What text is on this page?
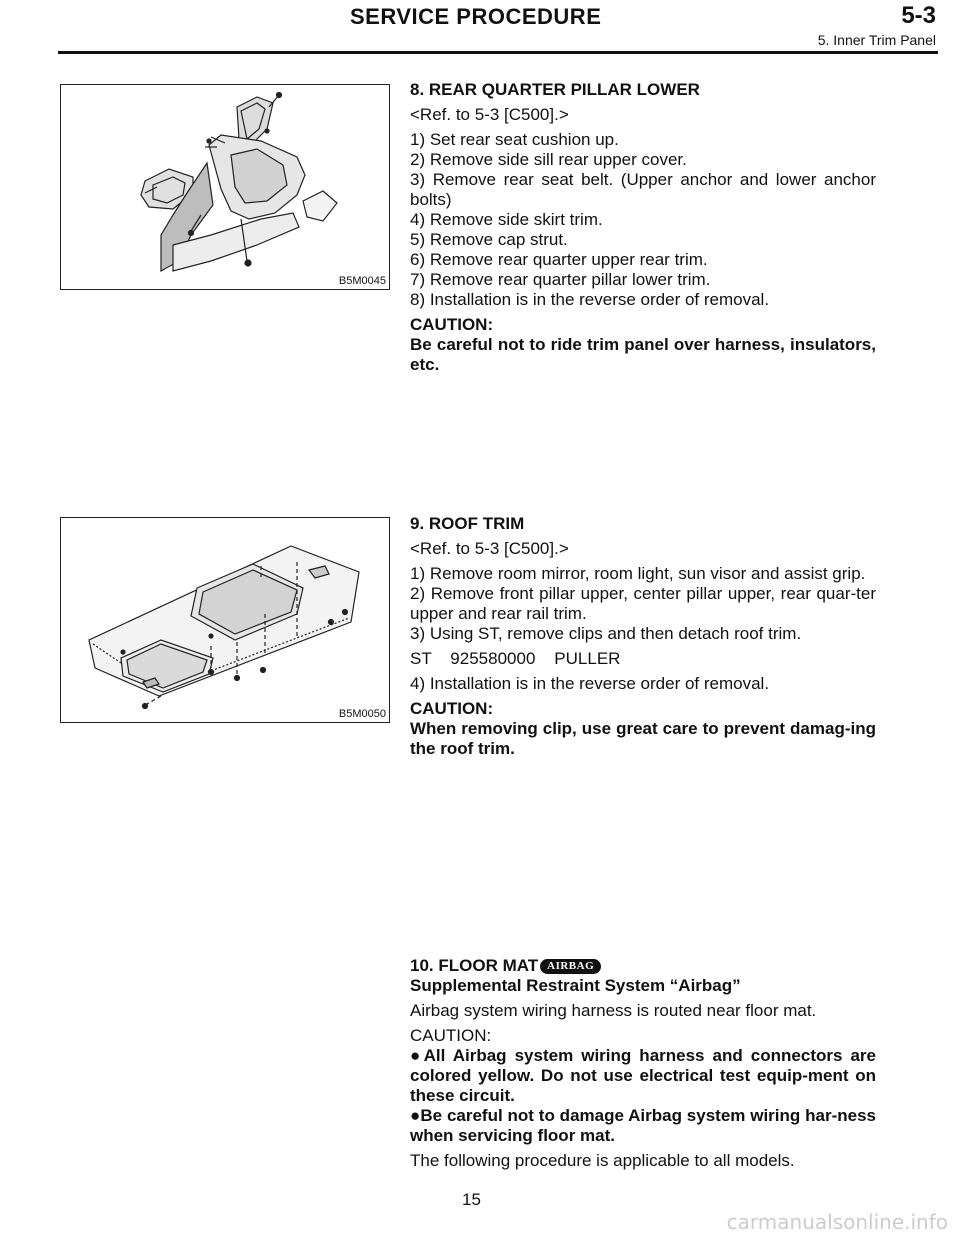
SERVICE PROCEDURE	5-3
5. Inner Trim Panel
B5M0045
B5M0050

8. REAR QUARTER PILLAR LOWER

<Ref. to 5-3 [C500].>

1) Set rear seat cushion up.

2) Remove side sill rear upper cover.

3) Remove rear seat belt. (Upper anchor and lower anchor bolts)

4) Remove side skirt trim.

5) Remove cap strut.

6) Remove rear quarter upper rear trim.

7) Remove rear quarter pillar lower trim.

8) Installation is in the reverse order of removal.

CAUTION:

Be careful not to ride trim panel over harness, insulators, etc.

9. ROOF TRIM

<Ref. to 5-3 [C500].>

1) Remove room mirror, room light, sun visor and assist grip.

2) Remove front pillar upper, center pillar upper, rear quar-ter upper and rear rail trim.

3) Using ST, remove clips and then detach roof trim.

ST    925580000    PULLER

4) Installation is in the reverse order of removal.

CAUTION:

When removing clip, use great care to prevent damag-ing the roof trim.

10. FLOOR MAT AIRBAG

Supplemental Restraint System “Airbag”

Airbag system wiring harness is routed near floor mat.

CAUTION:

●All Airbag system wiring harness and connectors are colored yellow. Do not use electrical test equip-ment on these circuit.

●Be careful not to damage Airbag system wiring har-ness when servicing floor mat.

The following procedure is applicable to all models.

15
carmanualsonline.info
